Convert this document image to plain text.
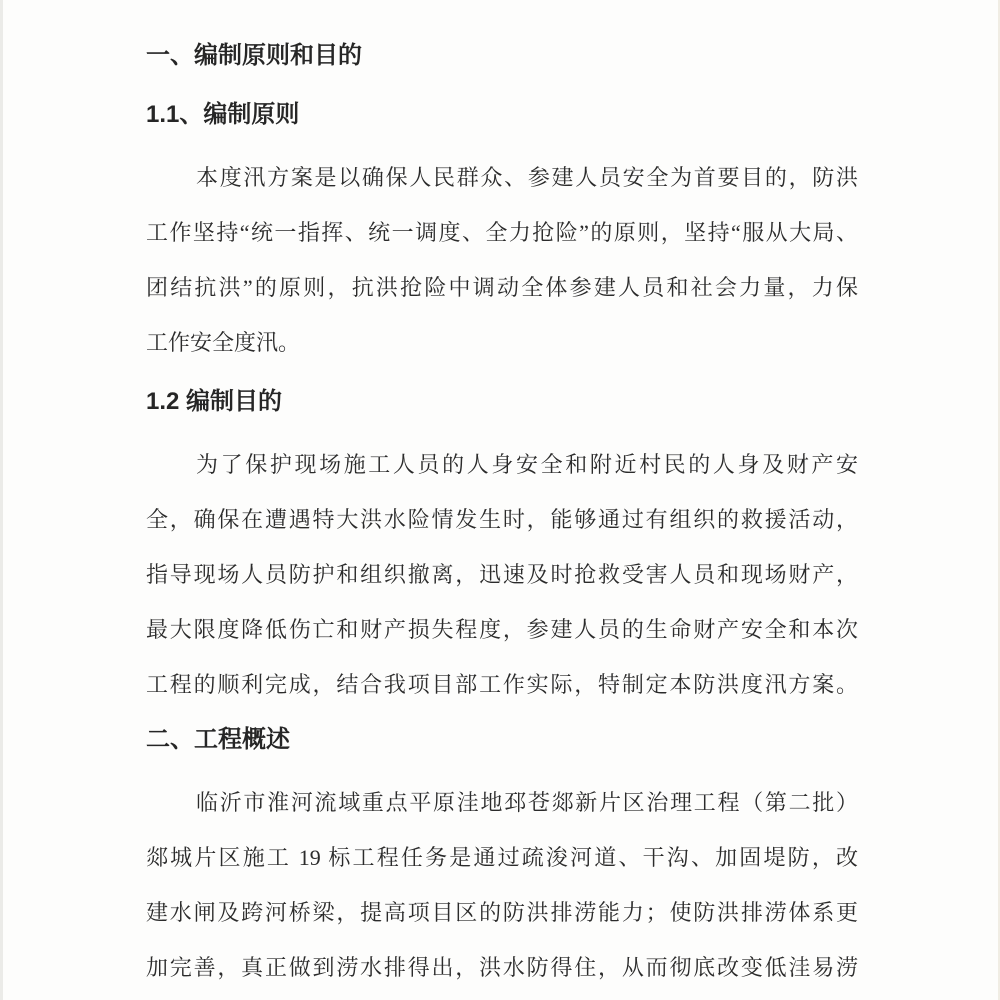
一、编制原则和目的
1.1、编制原则
本度汛方案是以确保人民群众、参建人员安全为首要目的，防洪
工作坚持“统一指挥、统一调度、全力抢险”的原则，坚持“服从大局、
团结抗洪”的原则，抗洪抢险中调动全体参建人员和社会力量，力保
工作安全度汛。
1.2 编制目的
为了保护现场施工人员的人身安全和附近村民的人身及财产安
全，确保在遭遇特大洪水险情发生时，能够通过有组织的救援活动，
指导现场人员防护和组织撤离，迅速及时抢救受害人员和现场财产，
最大限度降低伤亡和财产损失程度，参建人员的生命财产安全和本次
工程的顺利完成，结合我项目部工作实际，特制定本防洪度汛方案。
二、工程概述
临沂市淮河流域重点平原洼地邳苍郯新片区治理工程（第二批）
郯城片区施工 19 标工程任务是通过疏浚河道、干沟、加固堤防，改
建水闸及跨河桥梁，提高项目区的防洪排涝能力；使防洪排涝体系更
加完善，真正做到涝水排得出，洪水防得住，从而彻底改变低洼易涝
